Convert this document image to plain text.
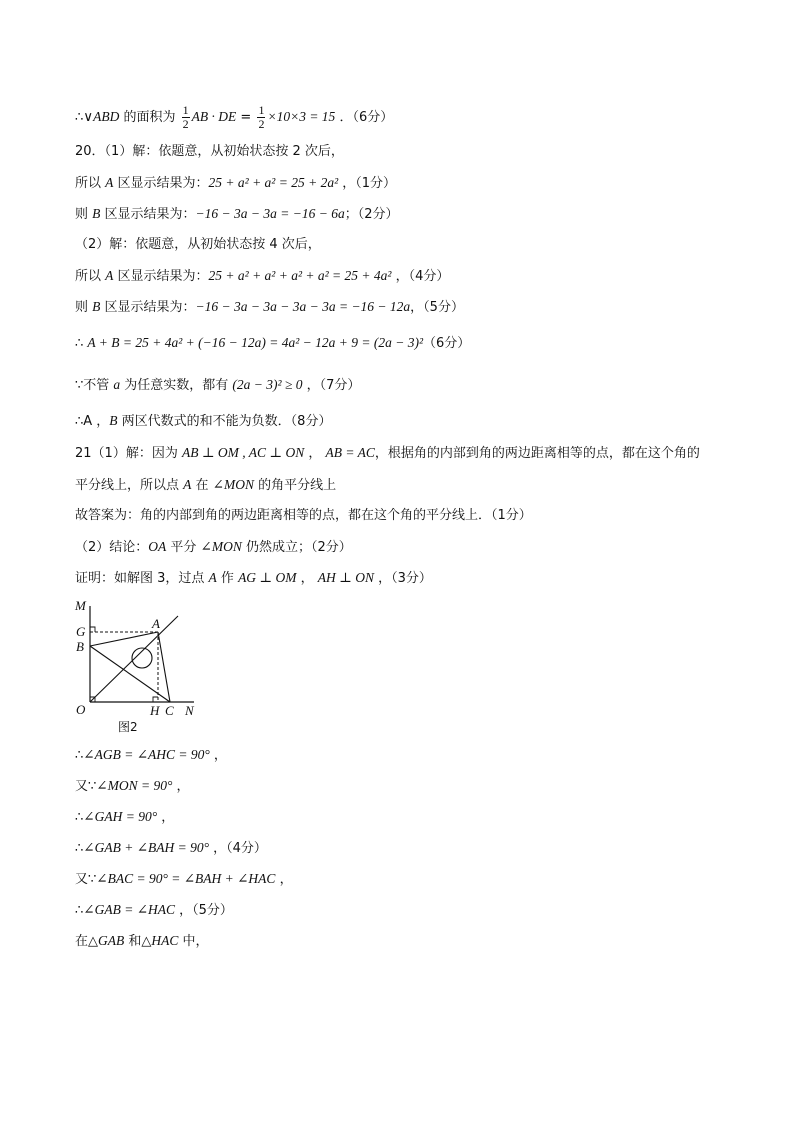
∴∨ABD 的面积为 $\frac{1}{2}$ AB · DE = $\frac{1}{2} \times 10\times 3 = 15$ ．（6分）
20．（1）解：依题意，从初始状态按 2 次后，
所以 A 区显示结果为：25 + a² + a² = 25 + 2a² ，（1分）
则 B 区显示结果为：−16 − 3a − 3a = −16 − 6a；（2分）
（2）解：依题意，从初始状态按 4 次后，
所以 A 区显示结果为：25 + a² + a² + a² + a² = 25 + 4a² ，（4分）
则 B 区显示结果为：−16 − 3a − 3a − 3a − 3a = −16 − 12a，（5分）
∴ A + B = 25 + 4a² + (−16 − 12a) = 4a² − 12a + 9 = (2a − 3)²（6分）
∵不管 a 为任意实数，都有 (2a − 3)² ≥ 0 ，（7分）
∴A ，B 两区代数式的和不能为负数．（8分）
21（1）解：因为 AB ⊥ OM , AC ⊥ ON ， AB = AC，根据角的内部到角的两边距离相等的点，都在这个角的
平分线上，所以点 A 在 ∠MON 的角平分线上
故答案为：角的内部到角的两边距离相等的点，都在这个角的平分线上．（1分）
（2）结论：OA 平分 ∠MON 仍然成立；（2分）
证明：如解图 3，过点 A 作 AG ⊥ OM ， AH ⊥ ON ，（3分）
∴∠AGB = ∠AHC = 90° ，
又∵∠MON = 90° ，
∴∠GAH = 90° ，
∴∠GAB + ∠BAH = 90° ，（4分）
又∵∠BAC = 90° = ∠BAH + ∠HAC ，
∴∠GAB = ∠HAC ，（5分）
在△GAB 和△HAC 中，
M
G
A
B
O	H C N
图2
